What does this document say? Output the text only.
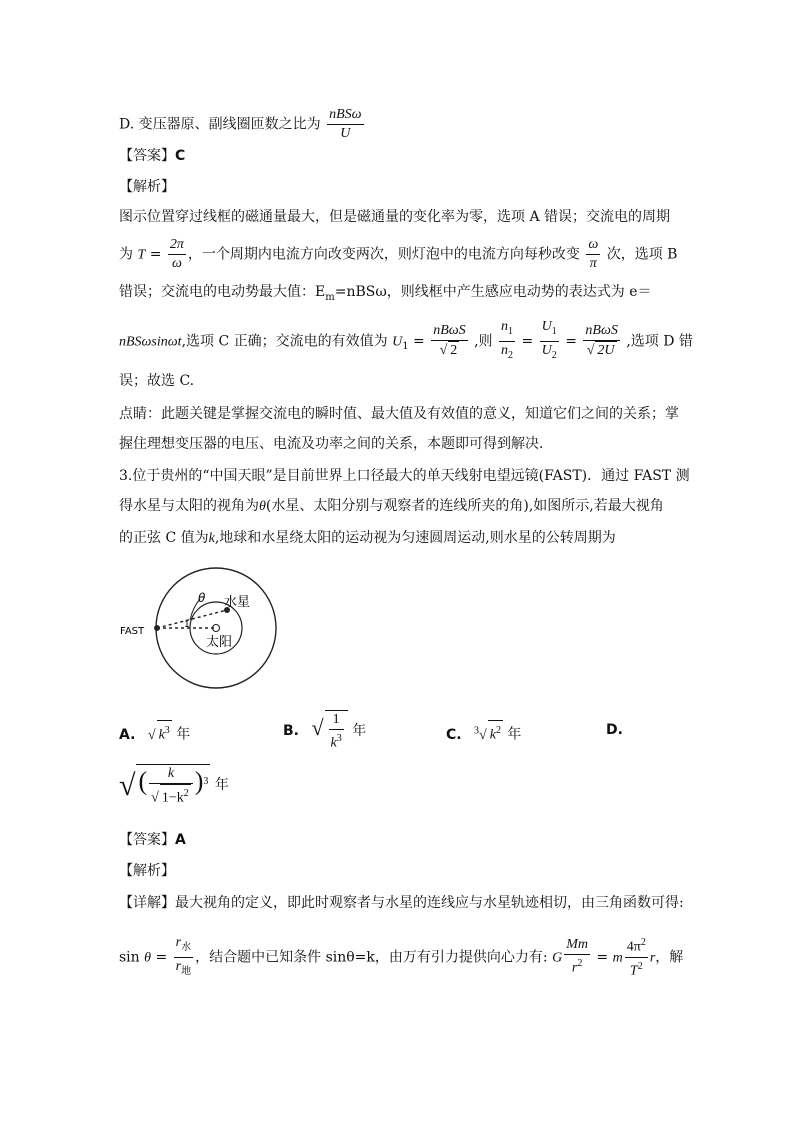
D. 变压器原、副线圈匝数之比为 $\frac{\text{nBSω}}{U}$
【答案】C
【解析】
图示位置穿过线框的磁通量最大，但是磁通量的变化率为零，选项 A 错误；交流电的周期
为 $T = \frac{2\pi}{\omega}$ ，一个周期内电流方向改变两次，则灯泡中的电流方向每秒改变 $\frac{\omega}{\pi}$ 次，选项 B
错误；交流电的电动势最大值：$E_m=nBS\omega$，则线框中产生感应电动势的表达式为 e＝
nBSωsinωt,选项 C 正确；交流电的有效值为 $U_1 = \frac{\text{nBωS}}{√ 2}$ ,则 $\frac{n_1}{n_2} = \frac{U_1}{U_2} = \frac{\text{nBωS}}{√ 2U}$ ,选项 D 错
误；故选 C.
点睛：此题关键是掌握交流电的瞬时值、最大值及有效值的意义，知道它们之间的关系；掌
握住理想变压器的电压、电流及功率之间的关系，本题即可得到解决．
3.位于贵州的“中国天眼”是目前世界上口径最大的单天线射电望远镜(FAST)．通过 FAST 测
得水星与太阳的视角为θ(水星、太阳分别与观察者的连线所夹的角),如图所示,若最大视角
的正弦 C 值为k,地球和水星绕太阳的运动视为匀速圆周运动,则水星的公转周期为
θ 水星
太阳
FAST
1
A. √ $k^3$ 年	B. √ $\frac{1}{k^3}$ 年	C. $^3$√ $k^2$ 年	D.
√ ( $\frac{k}{√ 1-k^2} )^3$ 年
【答案】A
【解析】
【详解】最大视角的定义，即此时观察者与水星的连线应与水星轨迹相切，由三角函数可得:
$\sin \theta = \frac{r_水}{r_地}$ ，结合题中已知条件 sinθ=k，由万有引力提供向心力有: G $\frac{Mm}{r^2} = m \frac{4\pi^2}{T^2}$ r，解
